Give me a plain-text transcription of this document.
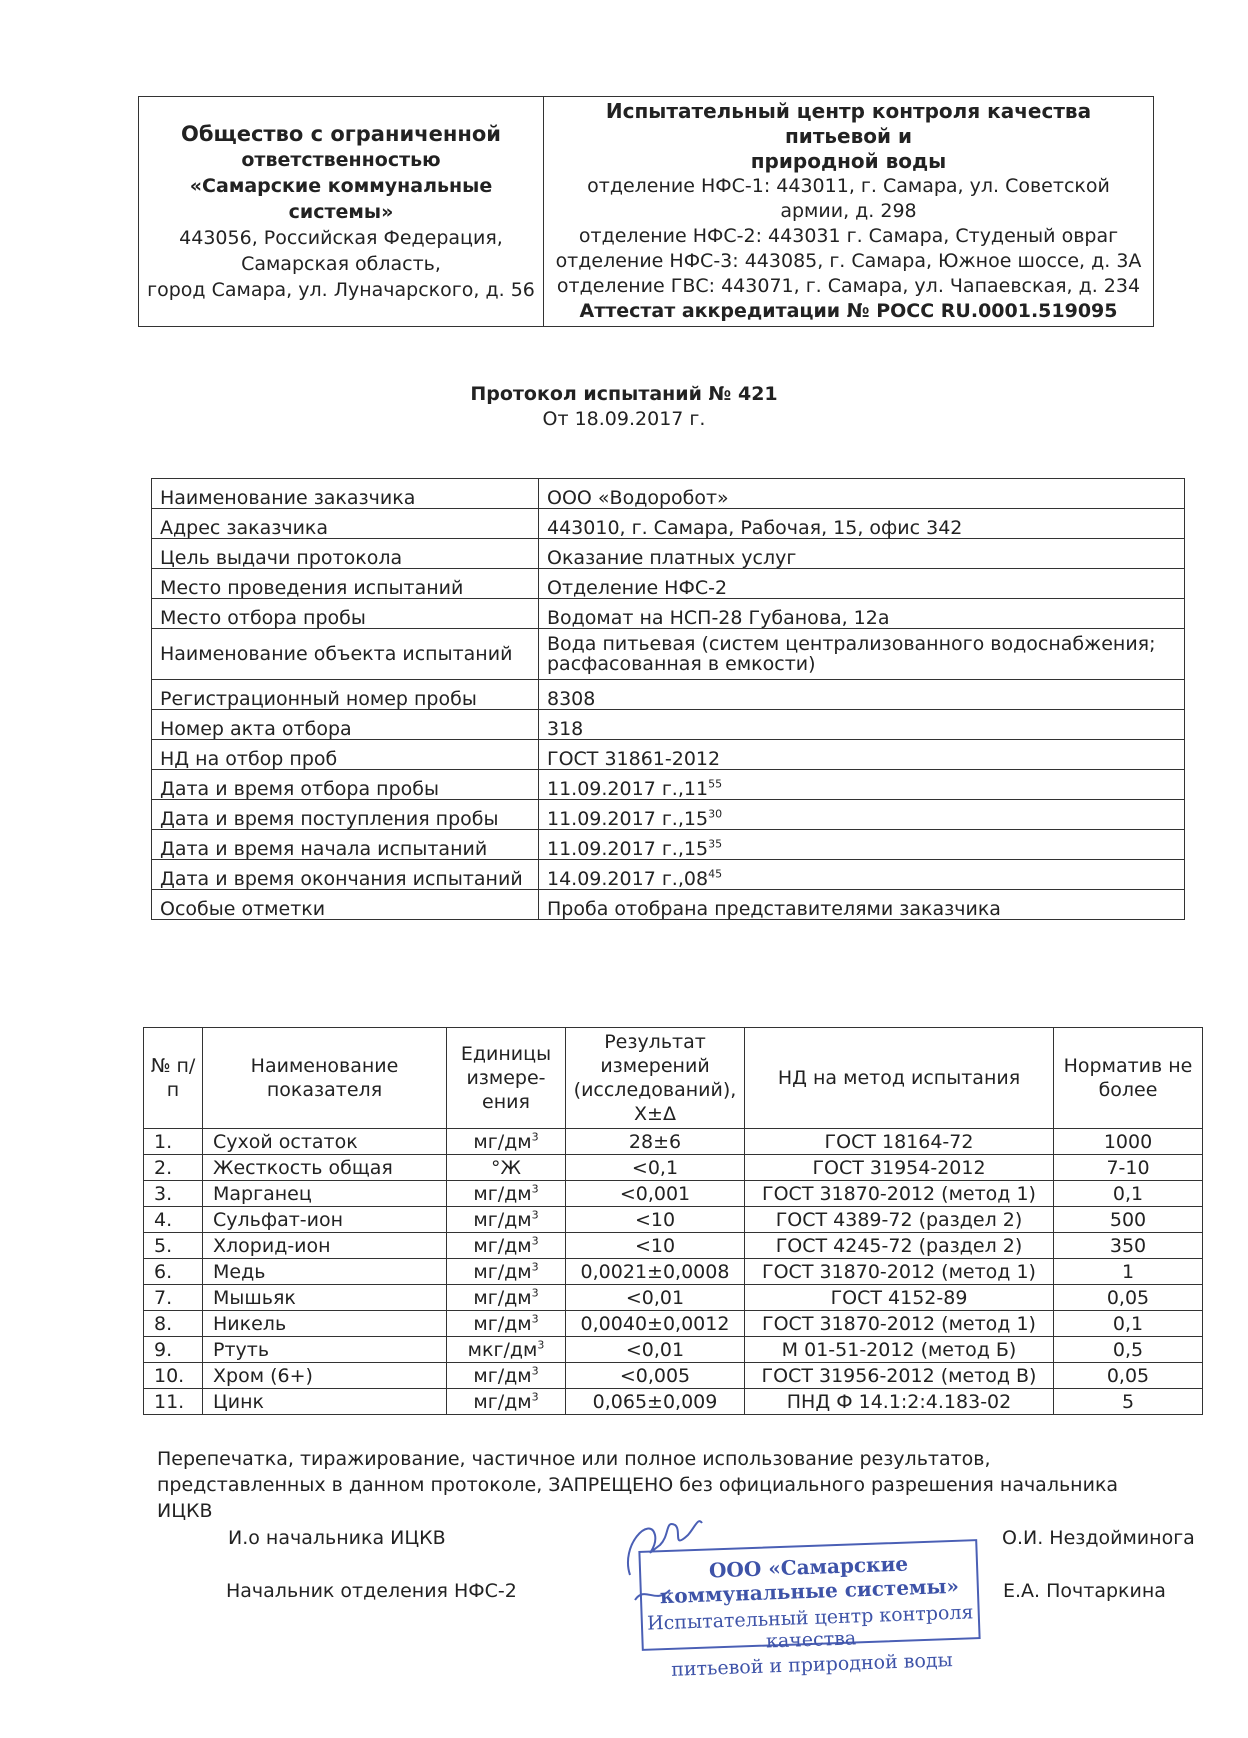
Общество с ограниченной
ответственностью
«Самарские коммунальные
системы»
443056, Российская Федерация,
Самарская область,
город Самара, ул. Луначарского, д. 56

Испытательный центр контроля качества питьевой и
природной воды
отделение НФС-1: 443011, г. Самара, ул. Советской армии, д. 298
отделение НФС-2: 443031 г. Самара, Студеный овраг
отделение НФС-3: 443085, г. Самара, Южное шоссе, д. 3А
отделение ГВС: 443071, г. Самара, ул. Чапаевская, д. 234
Аттестат аккредитации № РОСС RU.0001.519095
Протокол испытаний № 421
От 18.09.2017 г.
Наименование заказчика	ООО «Водоробот»
Адрес заказчика	443010, г. Самара, Рабочая, 15, офис 342
Цель выдачи протокола	Оказание платных услуг
Место проведения испытаний	Отделение НФС-2
Место отбора пробы	Водомат на НСП-28 Губанова, 12а
Наименование объекта испытаний	Вода питьевая (систем централизованного водоснабжения; расфасованная в емкости)
Регистрационный номер пробы	8308
Номер акта отбора	318
НД на отбор проб	ГОСТ 31861-2012
Дата и время отбора пробы	11.09.2017 г.,11$^{55}$
Дата и время поступления пробы	11.09.2017 г.,15$^{30}$
Дата и время начала испытаний	11.09.2017 г.,15$^{35}$
Дата и время окончания испытаний	14.09.2017 г.,08$^{45}$
Особые отметки	Проба отобрана представителями заказчика
№ п/п	Наименование показателя	Единицы измере-ения	Результат измерений (исследований), Х±Δ	НД на метод испытания	Норматив не более
1.	Сухой остаток	$мг/дм^3$	28±6	ГОСТ 18164-72	1000
2.	Жесткость общая	°Ж	<0,1	ГОСТ 31954-2012	7-10
3.	Марганец	$мг/дм^3$	<0,001	ГОСТ 31870-2012 (метод 1)	0,1
4.	Сульфат-ион	$мг/дм^3$	<10	ГОСТ 4389-72 (раздел 2)	500
5.	Хлорид-ион	$мг/дм^3$	<10	ГОСТ 4245-72 (раздел 2)	350
6.	Медь	$мг/дм^3$	0,0021±0,0008	ГОСТ 31870-2012 (метод 1)	1
7.	Мышьяк	$мг/дм^3$	<0,01	ГОСТ 4152-89	0,05
8.	Никель	$мг/дм^3$	0,0040±0,0012	ГОСТ 31870-2012 (метод 1)	0,1
9.	Ртуть	мкг/$дм^3$	<0,01	М 01-51-2012 (метод Б)	0,5
10.	Хром (6+)	$мг/дм^3$	<0,005	ГОСТ 31956-2012 (метод В)	0,05
11.	Цинк	$мг/дм^3$	0,065±0,009	ПНД Ф 14.1:2:4.183-02	5
Перепечатка, тиражирование, частичное или полное использование результатов, представленных в данном протоколе, ЗАПРЕЩЕНО без официального разрешения начальника ИЦКВ
И.о начальника ИЦКВ	О.И. Нездойминога
Начальник отделения НФС-2	Е.А. Почтаркина
ООО «Самарские коммунальные системы»
Испытательный центр контроля качества
питьевой и природной воды
